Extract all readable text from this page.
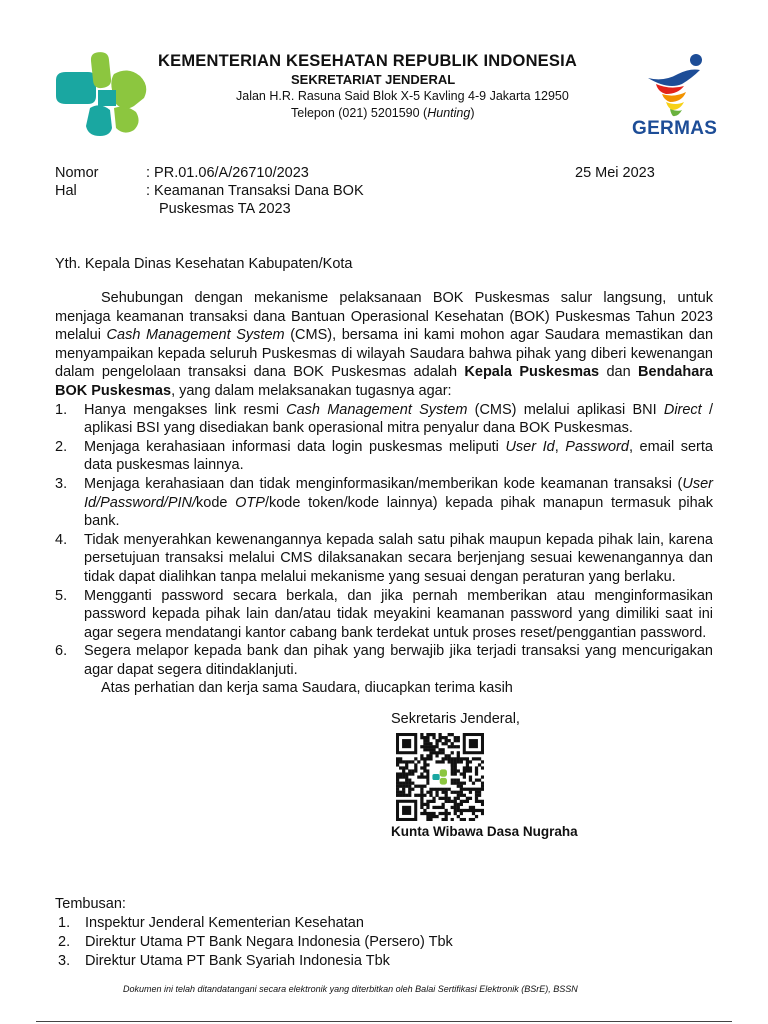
KEMENTERIAN KESEHATAN REPUBLIK INDONESIA
SEKRETARIAT JENDERAL
Jalan H.R. Rasuna Said Blok X-5 Kavling 4-9 Jakarta 12950
Telepon (021) 5201590 (Hunting)
GERMAS
Nomor	: PR.01.06/A/26710/2023
Hal	: Keamanan Transaksi Dana BOK
Puskesmas TA 2023
25 Mei 2023
Yth. Kepala Dinas Kesehatan Kabupaten/Kota

Sehubungan dengan mekanisme pelaksanaan BOK Puskesmas salur langsung, untuk menjaga keamanan transaksi dana Bantuan Operasional Kesehatan (BOK) Puskesmas Tahun 2023 melalui Cash Management System (CMS), bersama ini kami mohon agar Saudara memastikan dan menyampaikan kepada seluruh Puskesmas di wilayah Saudara bahwa pihak yang diberi kewenangan dalam pengelolaan transaksi dana BOK Puskesmas adalah Kepala Puskesmas dan Bendahara BOK Puskesmas, yang dalam melaksanakan tugasnya agar:

1. Hanya mengakses link resmi Cash Management System (CMS) melalui aplikasi BNI Direct / aplikasi BSI yang disediakan bank operasional mitra penyalur dana BOK Puskesmas.
2. Menjaga kerahasiaan informasi data login puskesmas meliputi User Id, Password, email serta data puskesmas lainnya.
3. Menjaga kerahasiaan dan tidak menginformasikan/memberikan kode keamanan transaksi (User Id/Password/PIN/kode OTP/kode token/kode lainnya) kepada pihak manapun termasuk pihak bank.
4. Tidak menyerahkan kewenangannya kepada salah satu pihak maupun kepada pihak lain, karena persetujuan transaksi melalui CMS dilaksanakan secara berjenjang sesuai kewenangannya dan tidak dapat dialihkan tanpa melalui mekanisme yang sesuai dengan peraturan yang berlaku.
5. Mengganti password secara berkala, dan jika pernah memberikan atau menginformasikan password kepada pihak lain dan/atau tidak meyakini keamanan password yang dimiliki saat ini agar segera mendatangi kantor cabang bank terdekat untuk proses reset/penggantian password.
6. Segera melapor kepada bank dan pihak yang berwajib jika terjadi transaksi yang mencurigakan agar dapat segera ditindaklanjuti.

Atas perhatian dan kerja sama Saudara, diucapkan terima kasih

Sekretaris Jenderal,
Kunta Wibawa Dasa Nugraha
Tembusan:
1. Inspektur Jenderal Kementerian Kesehatan
2. Direktur Utama PT Bank Negara Indonesia (Persero) Tbk
3. Direktur Utama PT Bank Syariah Indonesia Tbk
Dokumen ini telah ditandatangani secara elektronik yang diterbitkan oleh Balai Sertifikasi Elektronik (BSrE), BSSN
